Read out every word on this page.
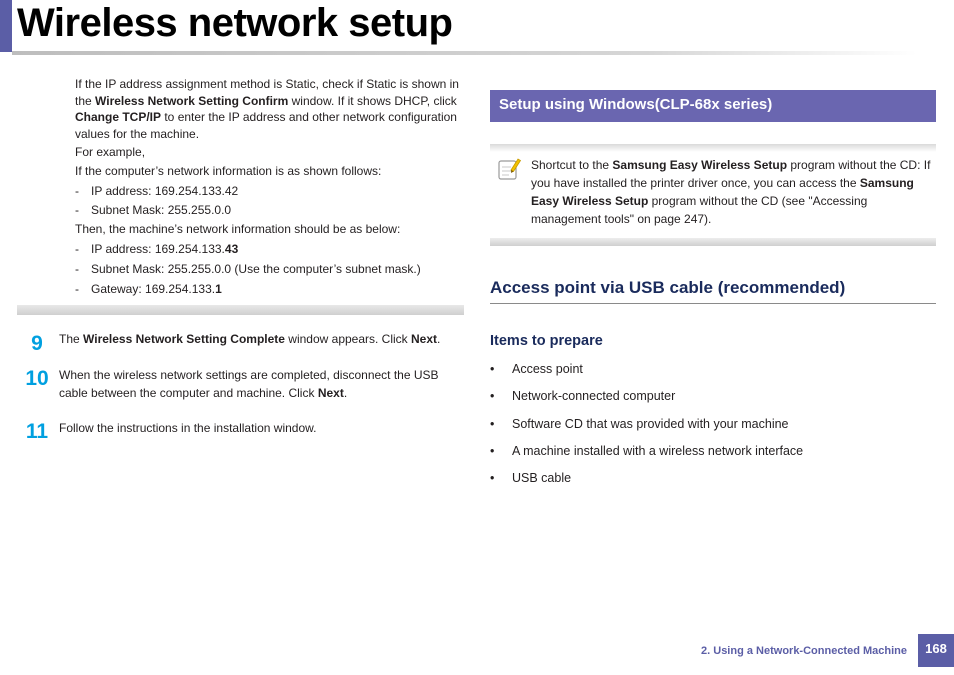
Wireless network setup

If the IP address assignment method is Static, check if Static is shown in the Wireless Network Setting Confirm window. If it shows DHCP, click Change TCP/IP to enter the IP address and other network configuration values for the machine.

For example,

If the computer’s network information is as shown follows:

- IP address: 169.254.133.42

- Subnet Mask: 255.255.0.0

Then, the machine’s network information should be as below:

- IP address: 169.254.133.43

- Subnet Mask: 255.255.0.0 (Use the computer’s subnet mask.)

- Gateway: 169.254.133.1

9	The Wireless Network Setting Complete window appears. Click Next.

10 When the wireless network settings are completed, disconnect the USB cable between the computer and machine. Click Next.

11 Follow the instructions in the installation window.

Setup using Windows(CLP-68x series)

Shortcut to the Samsung Easy Wireless Setup program without the CD: If you have installed the printer driver once, you can access the Samsung Easy Wireless Setup program without the CD (see "Accessing management tools" on page 247).

Access point via USB cable (recommended)
Items to prepare
• Access point
• Network-connected computer
• Software CD that was provided with your machine
• A machine installed with a wireless network interface
• USB cable
2. Using a Network-Connected Machine	168
